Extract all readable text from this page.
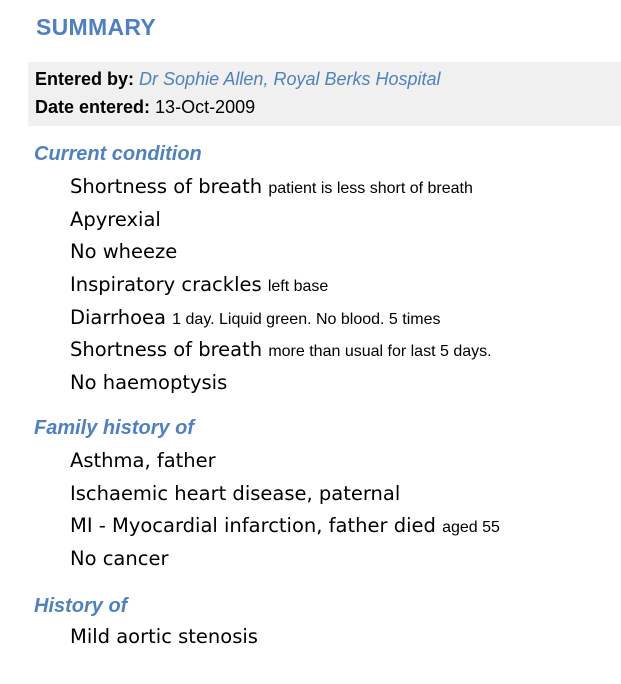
SUMMARY
Entered by: Dr Sophie Allen, Royal Berks Hospital
Date entered: 13-Oct-2009
Current condition
Shortness of breath patient is less short of breath
Apyrexial
No wheeze
Inspiratory crackles left base
Diarrhoea 1 day. Liquid green. No blood. 5 times
Shortness of breath more than usual for last 5 days.
No haemoptysis
Family history of
Asthma, father
Ischaemic heart disease, paternal
MI - Myocardial infarction, father died aged 55
No cancer
History of
Mild aortic stenosis
